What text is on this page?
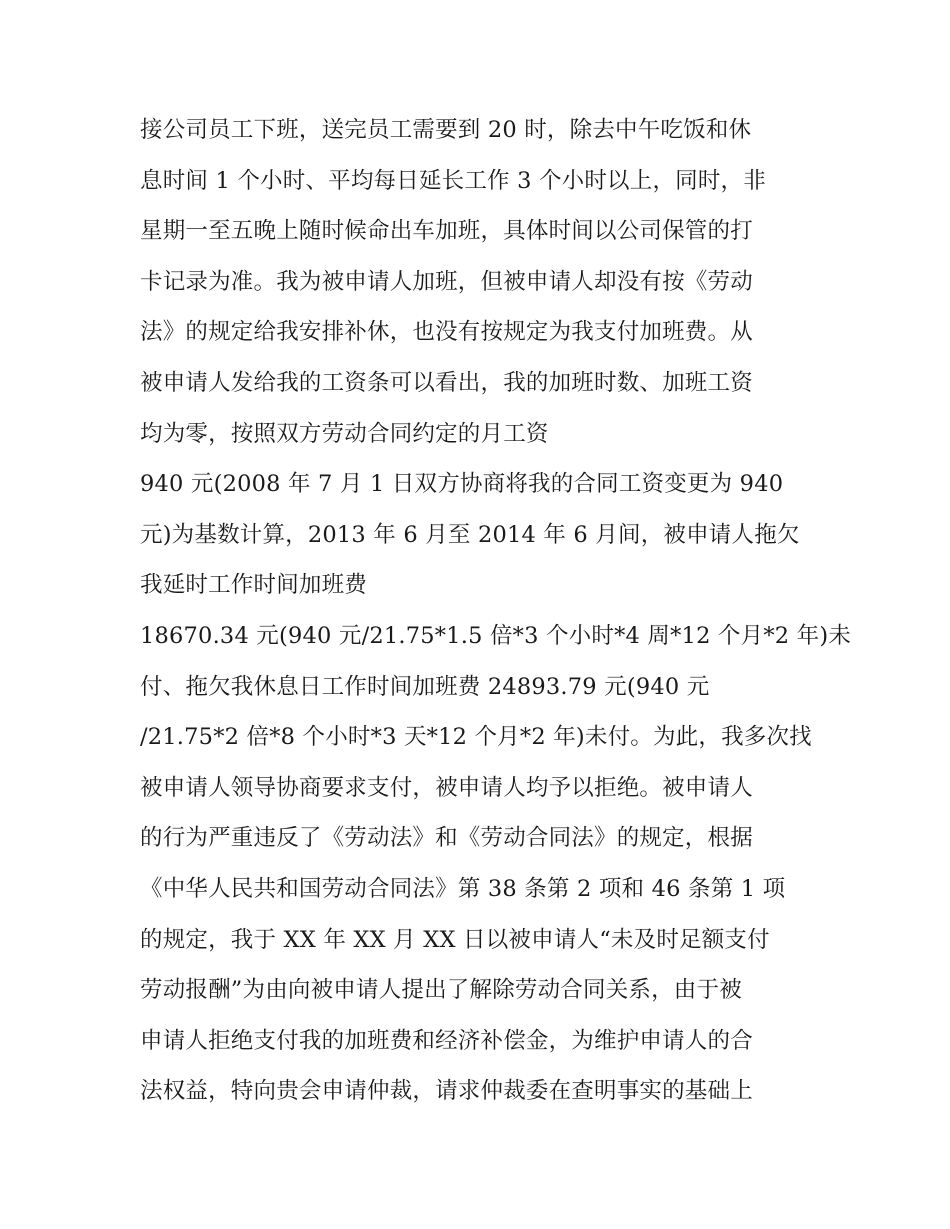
接公司员工下班，送完员工需要到 20 时，除去中午吃饭和休
息时间 1 个小时、平均每日延长工作 3 个小时以上，同时，非
星期一至五晚上随时候命出车加班，具体时间以公司保管的打
卡记录为准。我为被申请人加班，但被申请人却没有按《劳动
法》的规定给我安排补休，也没有按规定为我支付加班费。从
被申请人发给我的工资条可以看出，我的加班时数、加班工资
均为零，按照双方劳动合同约定的月工资
940 元(2008 年 7 月 1 日双方协商将我的合同工资变更为 940
元)为基数计算，2013 年 6 月至 2014 年 6 月间，被申请人拖欠
我延时工作时间加班费
18670.34 元(940 元/21.75*1.5 倍*3 个小时*4 周*12 个月*2 年)未
付、拖欠我休息日工作时间加班费 24893.79 元(940 元
/21.75*2 倍*8 个小时*3 天*12 个月*2 年)未付。为此，我多次找
被申请人领导协商要求支付，被申请人均予以拒绝。被申请人
的行为严重违反了《劳动法》和《劳动合同法》的规定，根据
《中华人民共和国劳动合同法》第 38 条第 2 项和 46 条第 1 项
的规定，我于 XX 年 XX 月 XX 日以被申请人“未及时足额支付
劳动报酬”为由向被申请人提出了解除劳动合同关系，由于被
申请人拒绝支付我的加班费和经济补偿金，为维护申请人的合
法权益，特向贵会申请仲裁，请求仲裁委在查明事实的基础上
